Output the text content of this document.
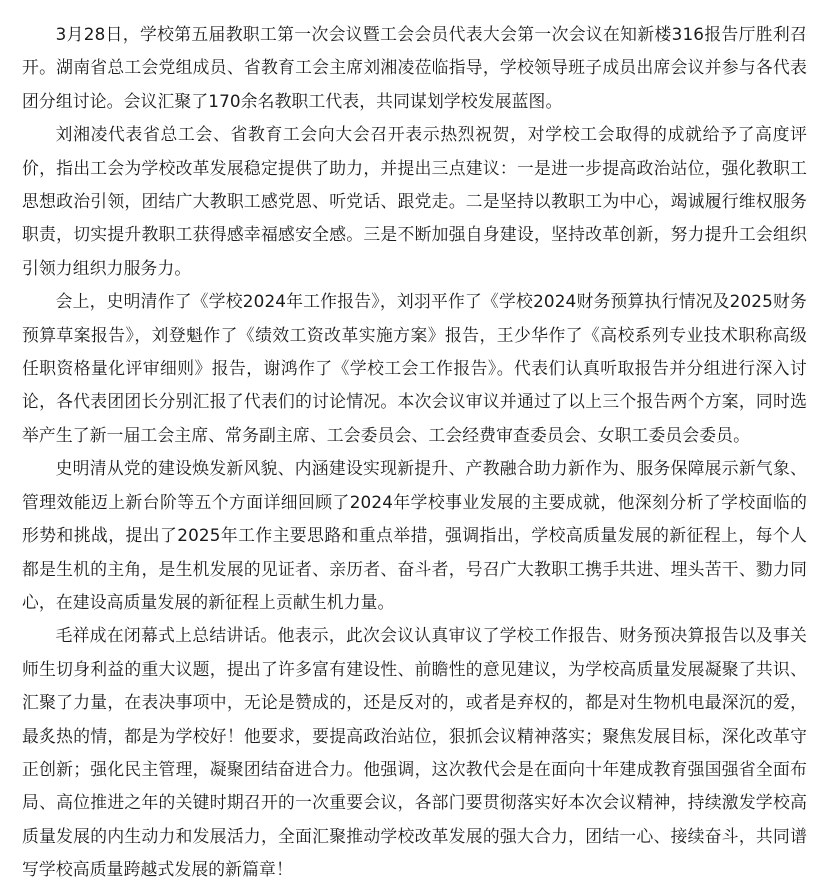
3月28日，学校第五届教职工第一次会议暨工会会员代表大会第一次会议在知新楼316报告厅胜利召开。湖南省总工会党组成员、省教育工会主席刘湘凌莅临指导，学校领导班子成员出席会议并参与各代表团分组讨论。会议汇聚了170余名教职工代表，共同谋划学校发展蓝图。

刘湘凌代表省总工会、省教育工会向大会召开表示热烈祝贺，对学校工会取得的成就给予了高度评价，指出工会为学校改革发展稳定提供了助力，并提出三点建议：一是进一步提高政治站位，强化教职工思想政治引领，团结广大教职工感党恩、听党话、跟党走。二是坚持以教职工为中心，竭诚履行维权服务职责，切实提升教职工获得感幸福感安全感。三是不断加强自身建设，坚持改革创新，努力提升工会组织引领力组织力服务力。

会上，史明清作了《学校2024年工作报告》，刘羽平作了《学校2024财务预算执行情况及2025财务预算草案报告》，刘登魁作了《绩效工资改革实施方案》报告，王少华作了《高校系列专业技术职称高级任职资格量化评审细则》报告，谢鸿作了《学校工会工作报告》。代表们认真听取报告并分组进行深入讨论，各代表团团长分别汇报了代表们的讨论情况。本次会议审议并通过了以上三个报告两个方案，同时选举产生了新一届工会主席、常务副主席、工会委员会、工会经费审查委员会、女职工委员会委员。

史明清从党的建设焕发新风貌、内涵建设实现新提升、产教融合助力新作为、服务保障展示新气象、管理效能迈上新台阶等五个方面详细回顾了2024年学校事业发展的主要成就，他深刻分析了学校面临的形势和挑战，提出了2025年工作主要思路和重点举措，强调指出，学校高质量发展的新征程上，每个人都是生机的主角，是生机发展的见证者、亲历者、奋斗者，号召广大教职工携手共进、埋头苦干、勠力同心，在建设高质量发展的新征程上贡献生机力量。

毛祥成在闭幕式上总结讲话。他表示，此次会议认真审议了学校工作报告、财务预决算报告以及事关师生切身利益的重大议题，提出了许多富有建设性、前瞻性的意见建议，为学校高质量发展凝聚了共识、汇聚了力量，在表决事项中，无论是赞成的，还是反对的，或者是弃权的，都是对生物机电最深沉的爱，最炙热的情，都是为学校好！他要求，要提高政治站位，狠抓会议精神落实；聚焦发展目标，深化改革守正创新；强化民主管理，凝聚团结奋进合力。他强调，这次教代会是在面向十年建成教育强国强省全面布局、高位推进之年的关键时期召开的一次重要会议，各部门要贯彻落实好本次会议精神，持续激发学校高质量发展的内生动力和发展活力，全面汇聚推动学校改革发展的强大合力，团结一心、接续奋斗，共同谱写学校高质量跨越式发展的新篇章！
